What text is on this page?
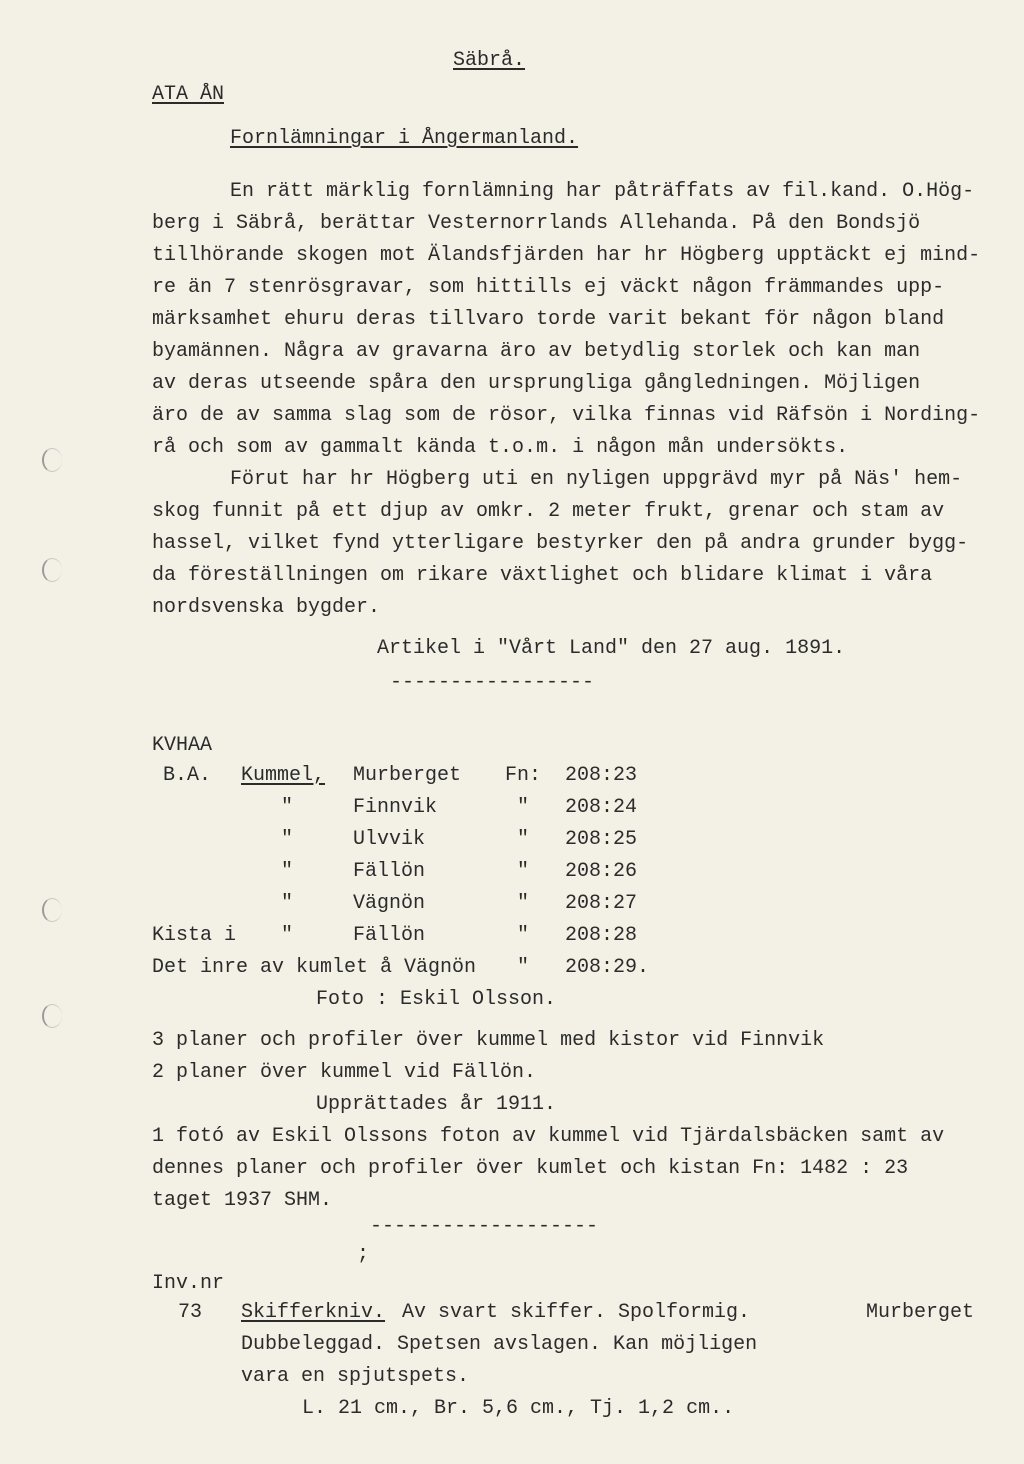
Säbrå.
ATA ÅN
Fornlämningar i Ångermanland.
En rätt märklig fornlämning har påträffats av fil.kand. O.Hög-
berg i Säbrå, berättar Vesternorrlands Allehanda. På den Bondsjö
tillhörande skogen mot Älandsfjärden har hr Högberg upptäckt ej mind-
re än 7 stenrösgravar, som hittills ej väckt någon främmandes upp-
märksamhet ehuru deras tillvaro torde varit bekant för någon bland
byamännen. Några av gravarna äro av betydlig storlek och kan man
av deras utseende spåra den ursprungliga gångledningen. Möjligen
äro de av samma slag som de rösor, vilka finnas vid Räfsön i Nording-
rå och som av gammalt kända t.o.m. i någon mån undersökts.
Förut har hr Högberg uti en nyligen uppgrävd myr på Näs' hem-
skog funnit på ett djup av omkr. 2 meter frukt, grenar och stam av
hassel, vilket fynd ytterligare bestyrker den på andra grunder bygg-
da föreställningen om rikare växtlighet och blidare klimat i våra
nordsvenska bygder.
Artikel i "Vårt Land" den 27 aug. 1891.
-----------------
KVHAA
B.A. Kummel, Murberget Fn: 208:23
"	Finnvik	" 208:24
"	Ulvvik	" 208:25
"	Fällön	" 208:26
"	Vägnön	" 208:27
Kista i "	Fällön	" 208:28
Det inre av kumlet å Vägnön " 208:29.
Foto : Eskil Olsson.
3 planer och profiler över kummel med kistor vid Finnvik
2 planer över kummel vid Fällön.
Upprättades år 1911.
1 fotó av Eskil Olssons foton av kummel vid Tjärdalsbäcken samt av
dennes planer och profiler över kumlet och kistan Fn: 1482 : 23
taget 1937 SHM.
-------------------
;
Inv.nr
73 Skifferkniv. Av svart skiffer. Spolformig.	Murberget
Dubbeleggad. Spetsen avslagen. Kan möjligen
vara en spjutspets.
L. 21 cm., Br. 5,6 cm., Tj. 1,2 cm..
